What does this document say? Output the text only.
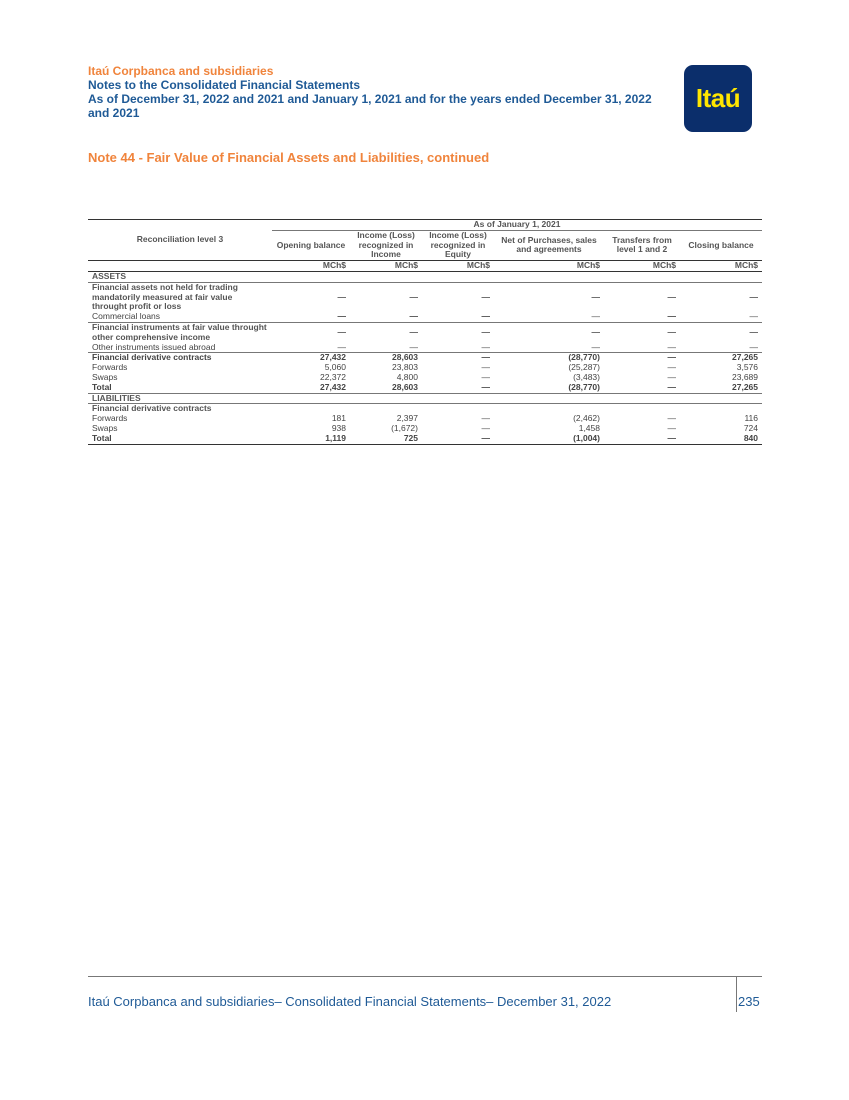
Itaú Corpbanca and subsidiaries
Notes to the Consolidated Financial Statements
As of December 31, 2022 and 2021 and January 1, 2021 and for the years ended December 31, 2022
and 2021	Itaú
Note 44 - Fair Value of Financial Assets and Liabilities, continued

Reconciliation level 3	As of January 1, 2021					
	Opening balance	Income (Loss) recognized in Income	Income (Loss) recognized in Equity	Net of Purchases, sales and agreements	Transfers from level 1 and 2	Closing balance
	MCh$	MCh$	MCh$	MCh$	MCh$	MCh$
ASSETS						
Financial assets not held for trading mandatorily measured at fair value throught profit or loss	—	—	—	—	—	—
Commercial loans	—	—	—	—	—	—
Financial instruments at fair value throught other comprehensive income	—	—	—	—	—	—
Other instruments issued abroad	—	—	—	—	—	—
Financial derivative contracts	27,432	28,603	—	(28,770)	—	27,265
Forwards	5,060	23,803	—	(25,287)	—	3,576
Swaps	22,372	4,800	—	(3,483)	—	23,689
Total	27,432	28,603	—	(28,770)	—	27,265
LIABILITIES						
Financial derivative contracts						
Forwards	181	2,397	—	(2,462)	—	116
Swaps	938	(1,672)	—	1,458	—	724
Total	1,119	725	—	(1,004)	—	840
Itaú Corpbanca and subsidiaries– Consolidated Financial Statements– December 31, 2022	235
